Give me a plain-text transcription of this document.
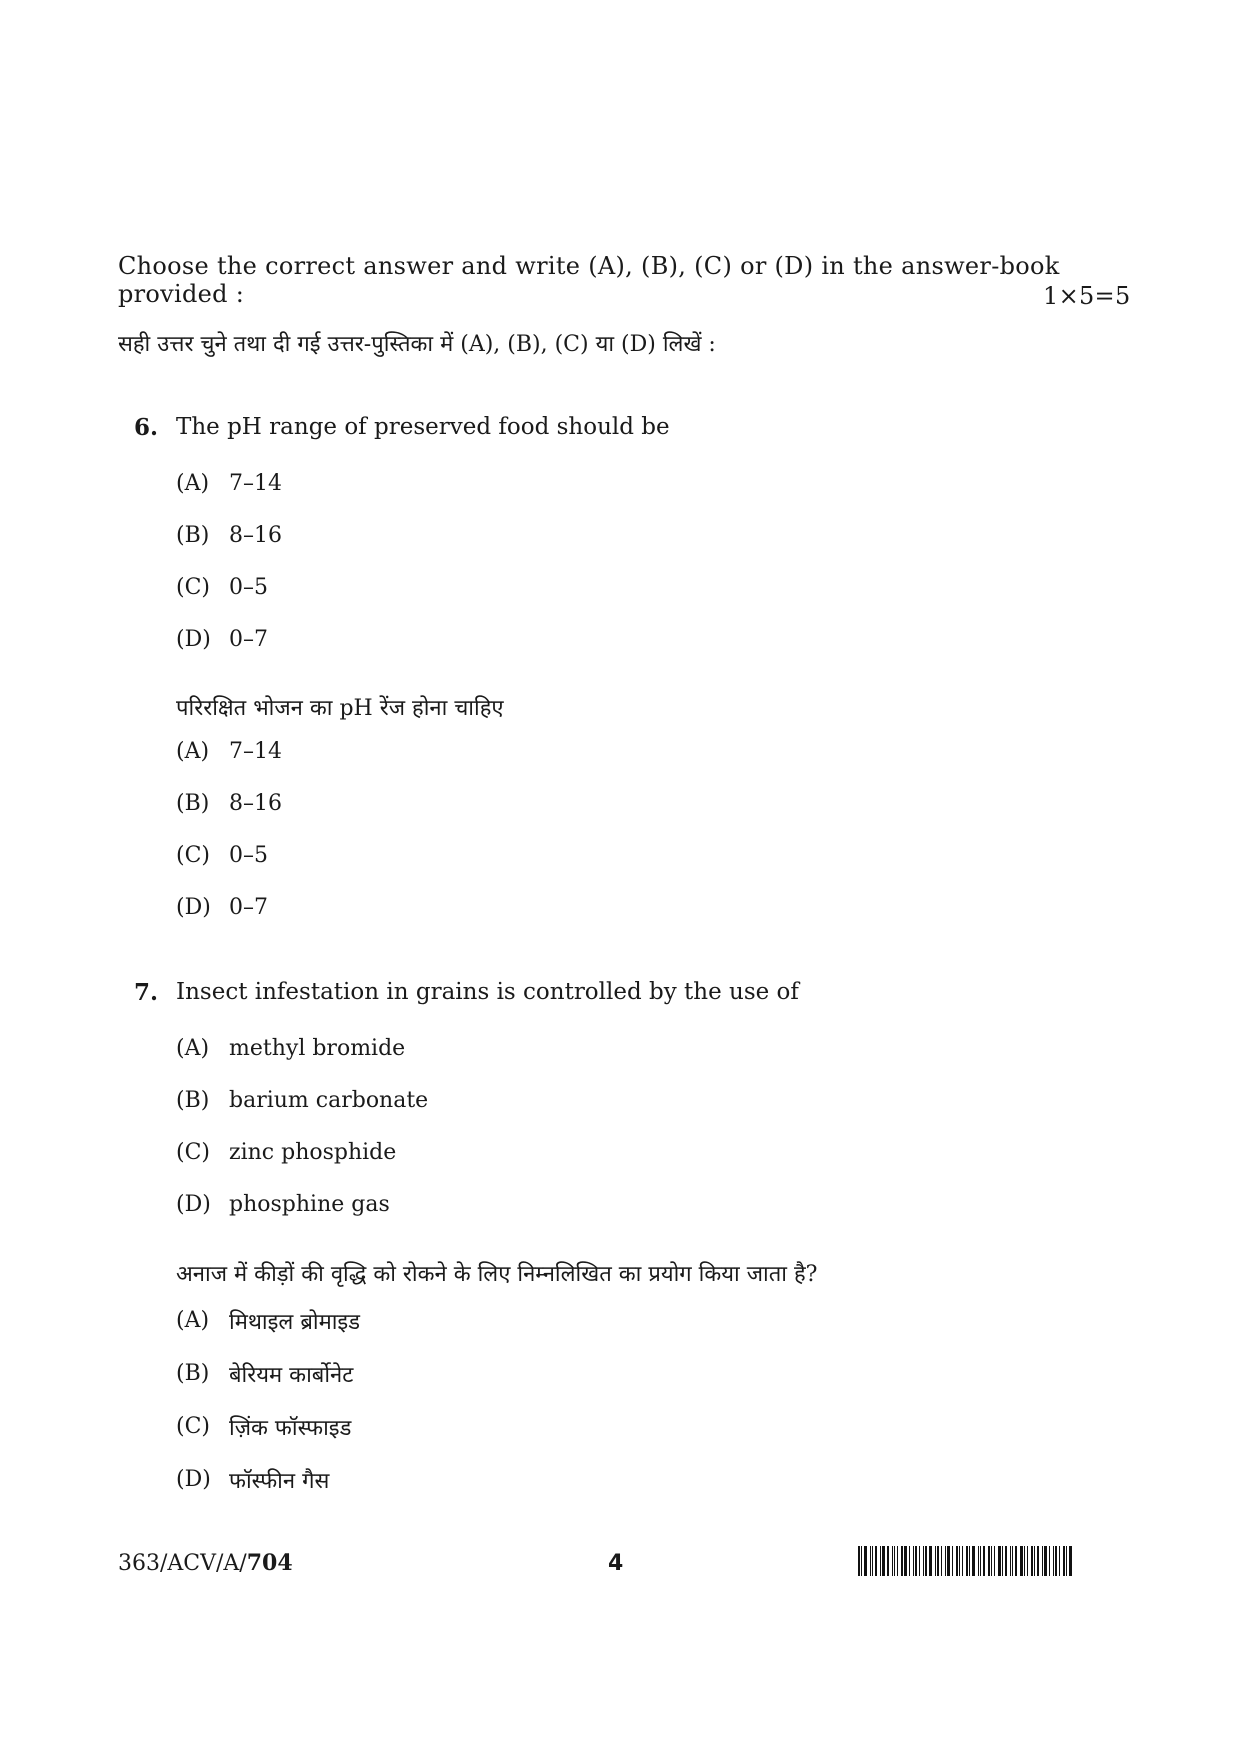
Choose the correct answer and write (A), (B), (C) or (D) in the answer-book
provided :	1×5=5
सही उत्तर चुने तथा दी गई उत्तर-पुस्तिका में (A), (B), (C) या (D) लिखें :
6. The pH range of preserved food should be
(A) 7–14
(B) 8–16
(C) 0–5
(D) 0–7
परिरक्षित भोजन का pH रेंज होना चाहिए
(A) 7–14
(B) 8–16
(C) 0–5
(D) 0–7
7. Insect infestation in grains is controlled by the use of
(A) methyl bromide
(B) barium carbonate
(C) zinc phosphide
(D) phosphine gas
अनाज में कीड़ों की वृद्धि को रोकने के लिए निम्नलिखित का प्रयोग किया जाता है?
(A) मिथाइल ब्रोमाइड
(B) बेरियम कार्बोनेट
(C) ज़िंक फॉस्फाइड
(D) फॉस्फीन गैस
363/ACV/A/704	4
